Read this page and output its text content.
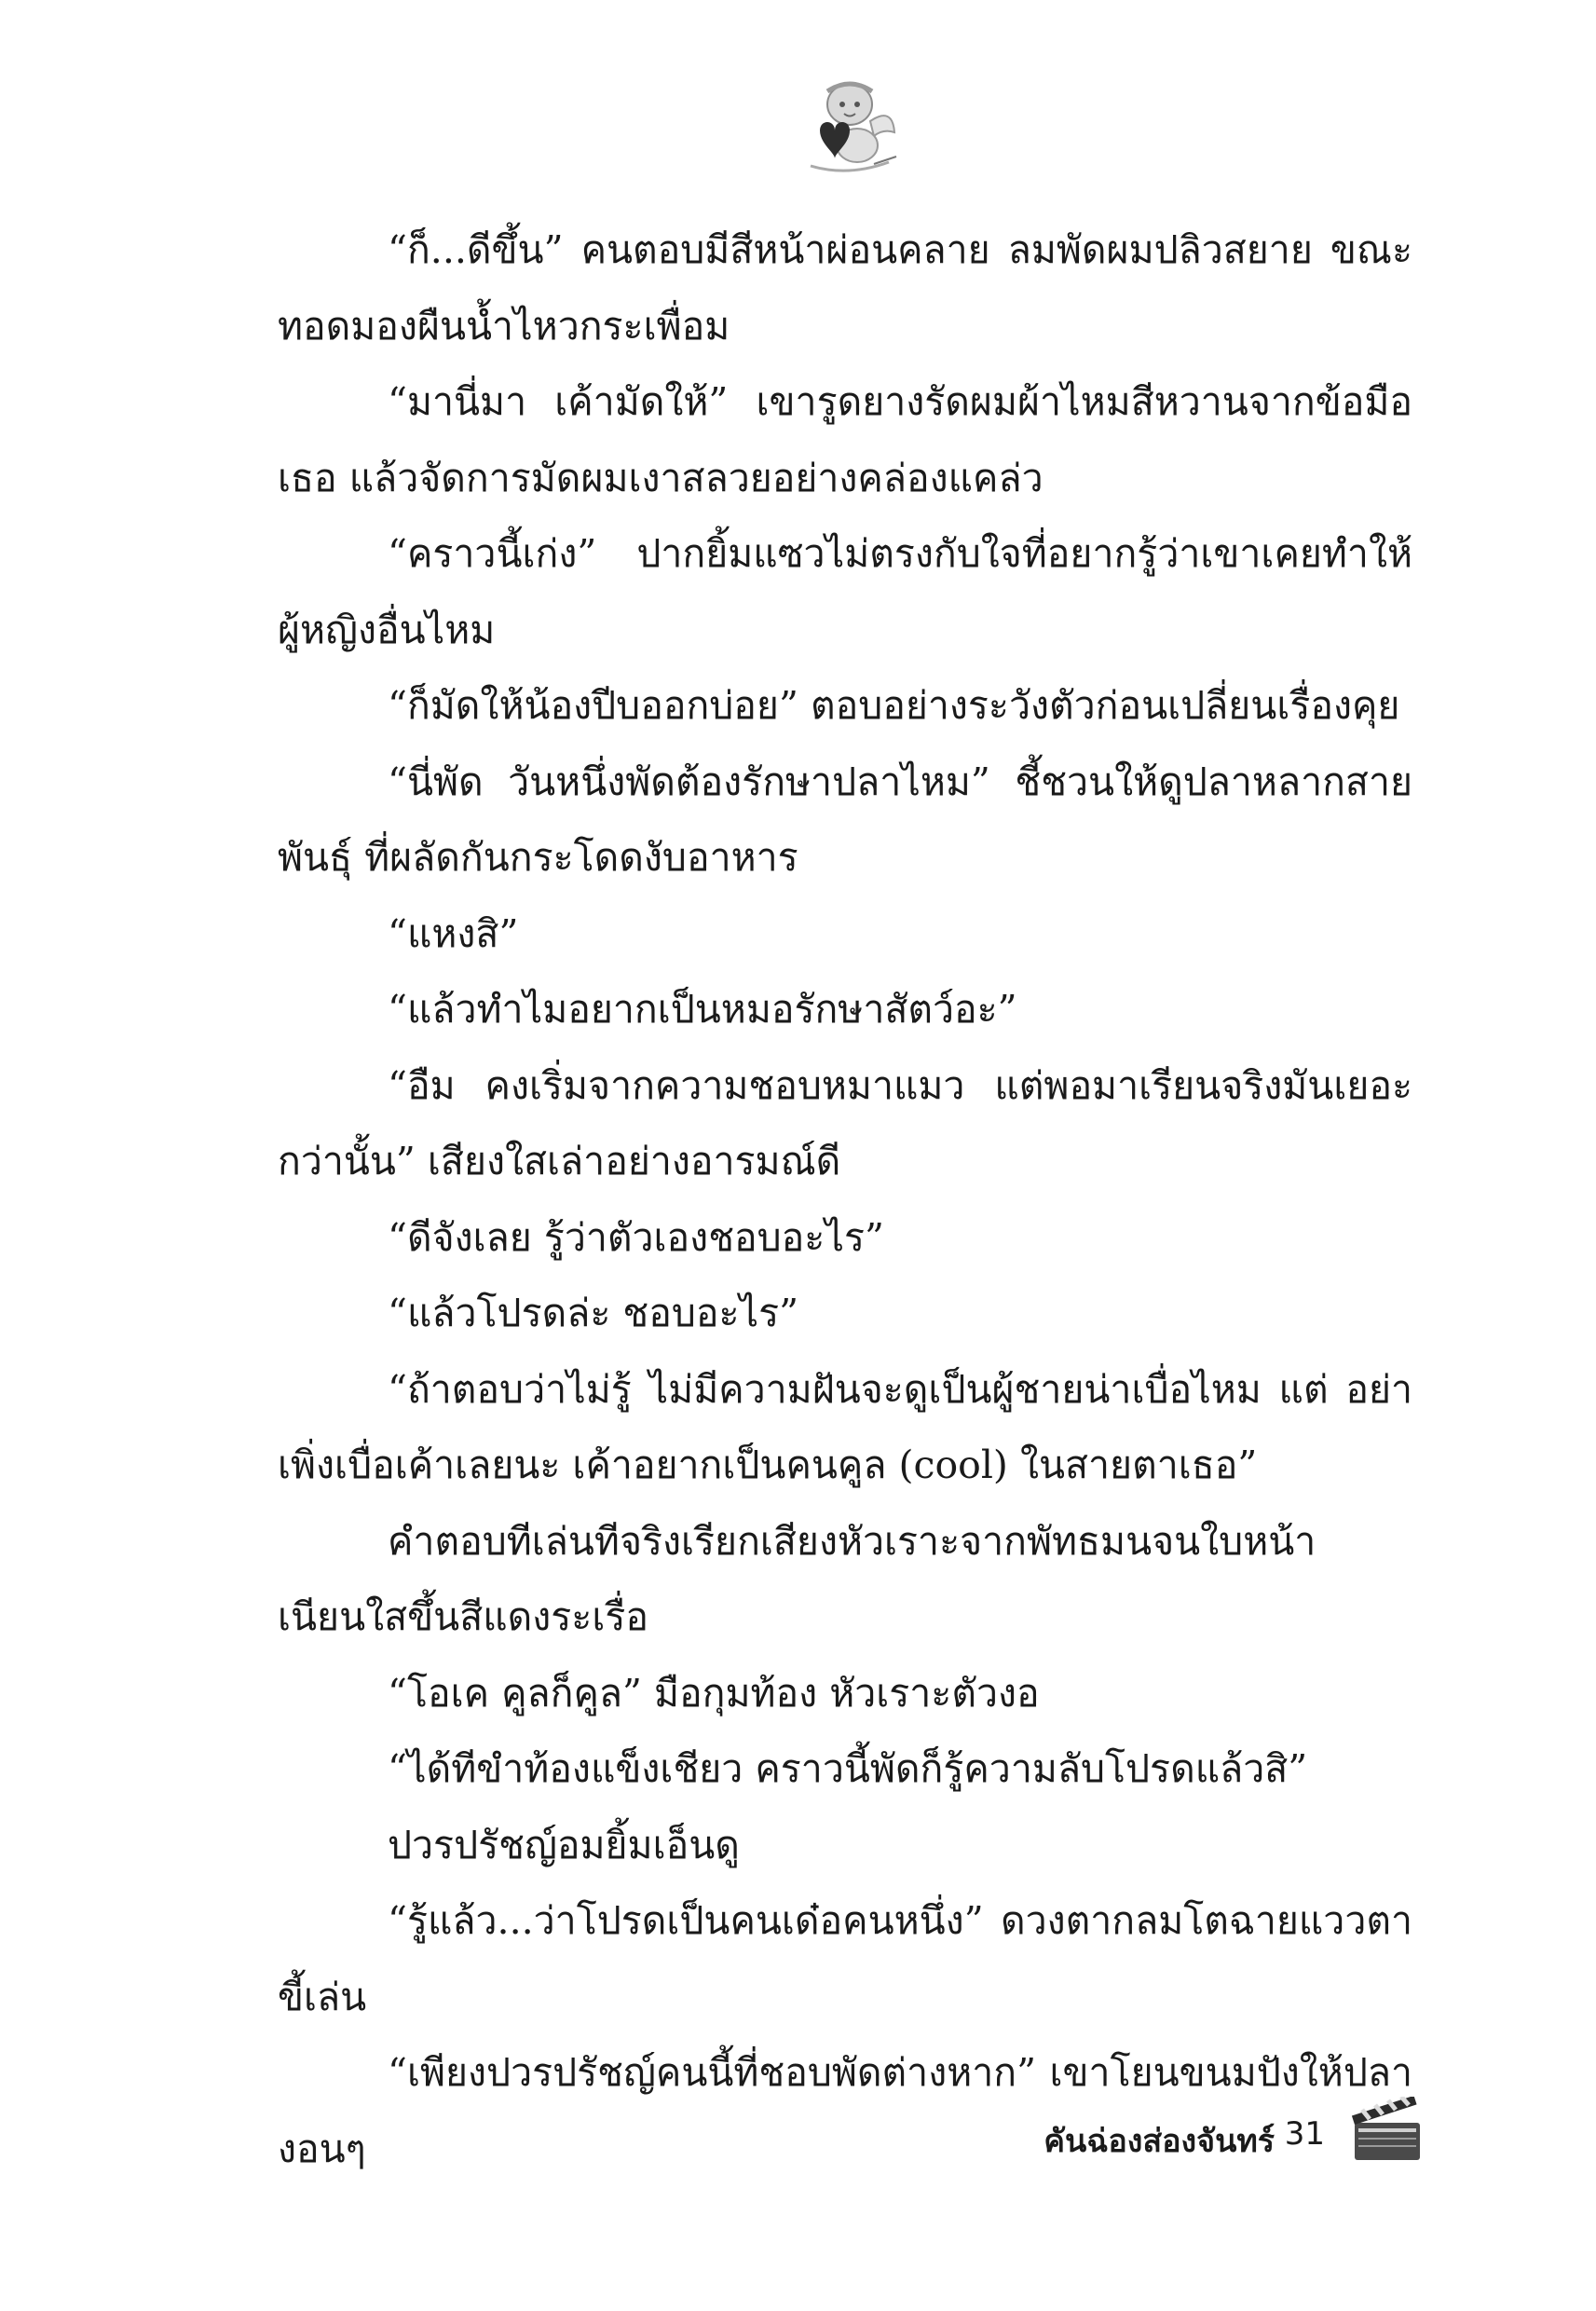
“ก็...ดีขึ้น” คนตอบมีสีหน้าผ่อนคลาย ลมพัดผมปลิวสยาย ขณะทอดมองผืนน้ำไหวกระเพื่อม

“มานี่มา เค้ามัดให้” เขารูดยางรัดผมผ้าไหมสีหวานจากข้อมือเธอ แล้วจัดการมัดผมเงาสลวยอย่างคล่องแคล่ว

“คราวนี้เก่ง” ปากยิ้มแซวไม่ตรงกับใจที่อยากรู้ว่าเขาเคยทำให้ ผู้หญิงอื่นไหม

“ก็มัดให้น้องปีบออกบ่อย” ตอบอย่างระวังตัวก่อนเปลี่ยนเรื่องคุย

“นี่พัด วันหนึ่งพัดต้องรักษาปลาไหม” ชี้ชวนให้ดูปลาหลากสายพันธุ์ ที่ผลัดกันกระโดดงับอาหาร

“แหงสิ”

“แล้วทำไมอยากเป็นหมอรักษาสัตว์อะ”

“อืม คงเริ่มจากความชอบหมาแมว แต่พอมาเรียนจริงมันเยอะ กว่านั้น” เสียงใสเล่าอย่างอารมณ์ดี

“ดีจังเลย รู้ว่าตัวเองชอบอะไร”

“แล้วโปรดล่ะ ชอบอะไร”

“ถ้าตอบว่าไม่รู้ ไม่มีความฝันจะดูเป็นผู้ชายน่าเบื่อไหม แต่ อย่าเพิ่งเบื่อเค้าเลยนะ เค้าอยากเป็นคนคูล (cool) ในสายตาเธอ”

คำตอบทีเล่นทีจริงเรียกเสียงหัวเราะจากพัทธมนจนใบหน้า เนียนใสขึ้นสีแดงระเรื่อ

“โอเค คูลก็คูล” มือกุมท้อง หัวเราะตัวงอ

“ได้ทีขำท้องแข็งเชียว คราวนี้พัดก็รู้ความลับโปรดแล้วสิ”

ปวรปรัชญ์อมยิ้มเอ็นดู

“รู้แล้ว...ว่าโปรดเป็นคนเด๋อคนหนึ่ง” ดวงตากลมโตฉายแววตา ขี้เล่น

“เพียงปวรปรัชญ์คนนี้ที่ชอบพัดต่างหาก” เขาโยนขนมปังให้ปลา งอนๆ	คันฉ่องส่องจันทร์ 31
